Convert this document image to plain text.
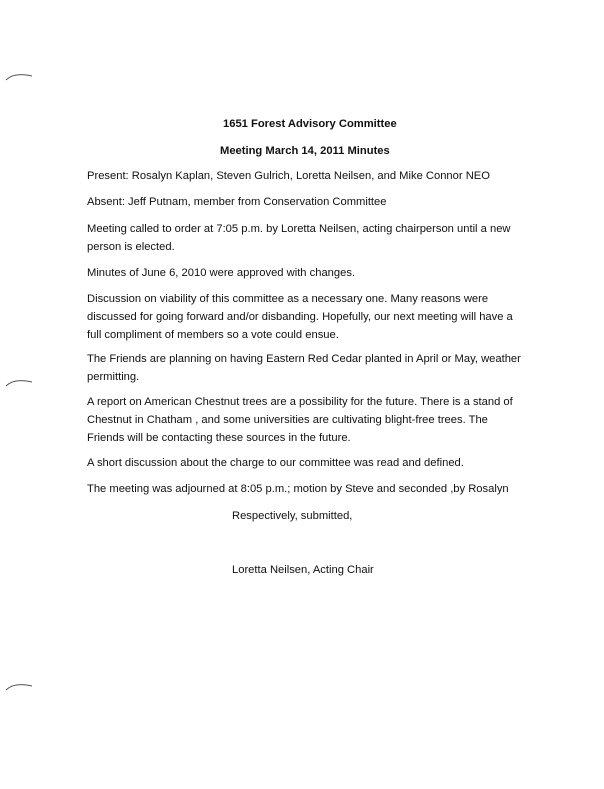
1651 Forest Advisory Committee
Meeting March 14, 2011 Minutes
Present: Rosalyn Kaplan, Steven Gulrich, Loretta Neilsen, and Mike Connor NEO
Absent: Jeff Putnam, member from Conservation Committee
Meeting called to order at 7:05 p.m. by Loretta Neilsen, acting chairperson until a new
person is elected.
Minutes of June 6, 2010 were approved with changes.
Discussion on viability of this committee as a necessary one. Many reasons were
discussed for going forward and/or disbanding. Hopefully, our next meeting will have a
full compliment of members so a vote could ensue.
The Friends are planning on having Eastern Red Cedar planted in April or May, weather
permitting.
A report on American Chestnut trees are a possibility for the future. There is a stand of
Chestnut in Chatham , and some universities are cultivating blight-free trees. The
Friends will be contacting these sources in the future.
A short discussion about the charge to our committee was read and defined.
The meeting was adjourned at 8:05 p.m.; motion by Steve and seconded ,by Rosalyn
Respectively, submitted,
Loretta Neilsen, Acting Chair
